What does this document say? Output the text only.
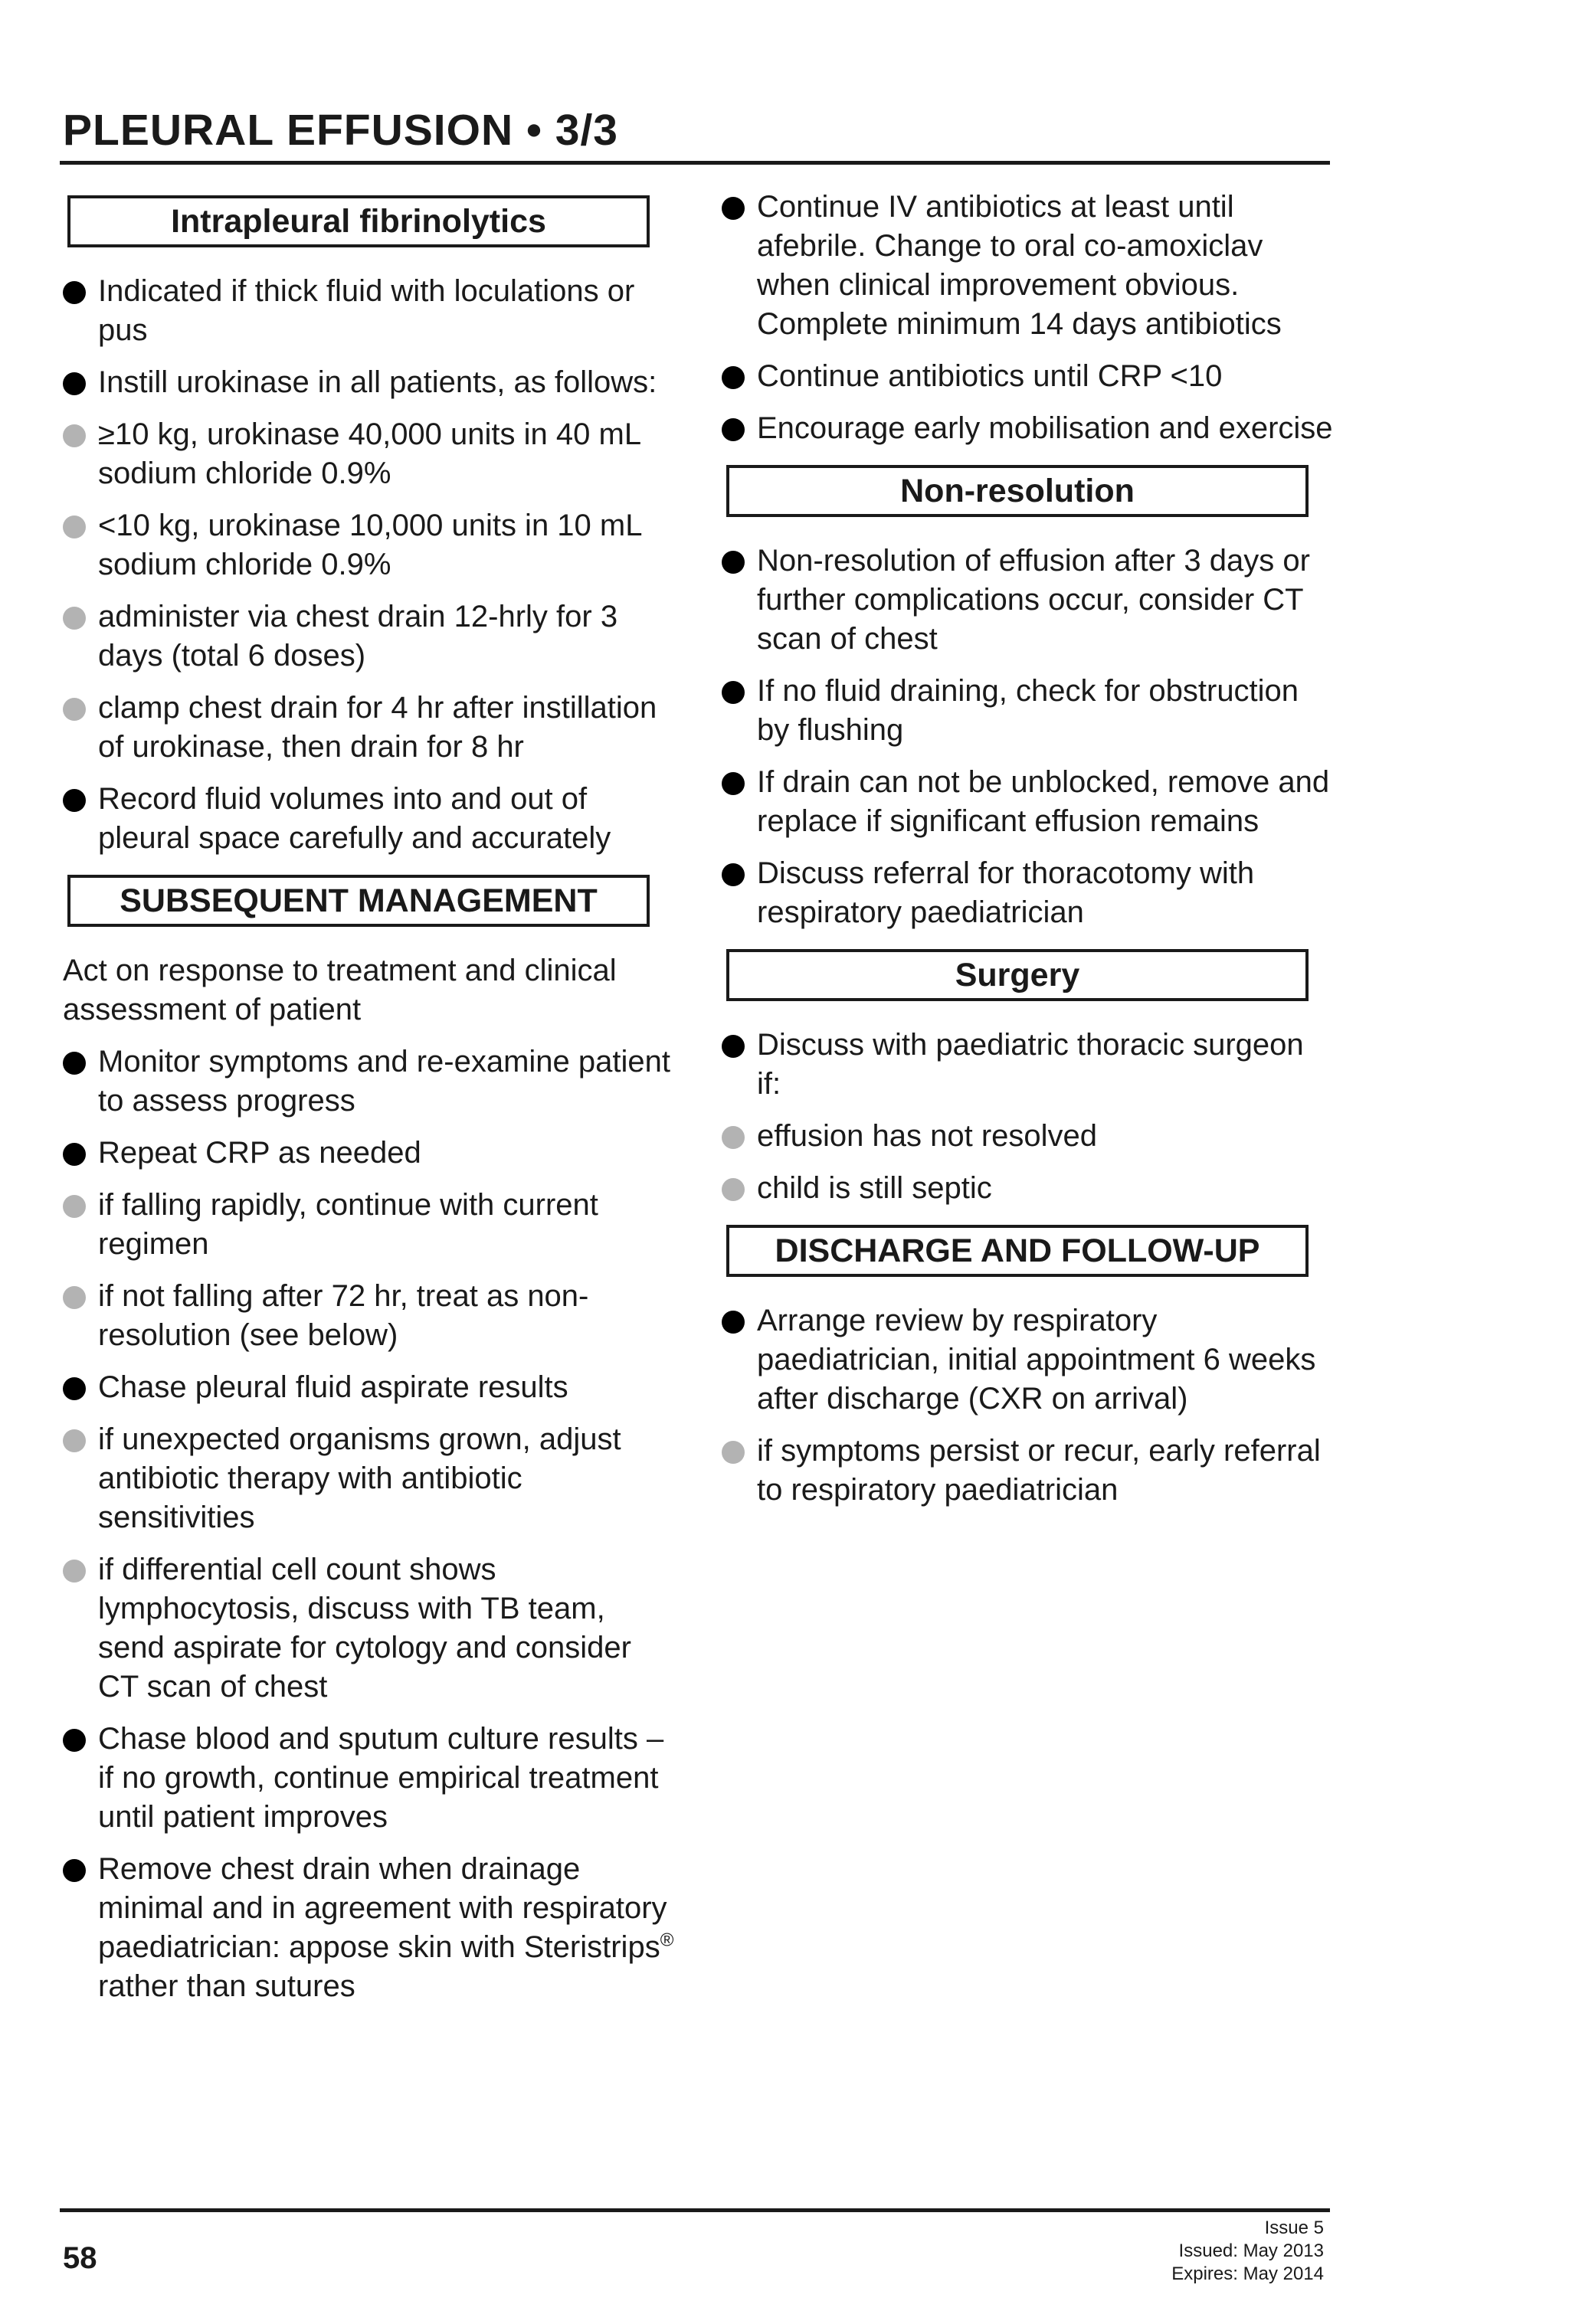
PLEURAL EFFUSION • 3/3
Intrapleural fibrinolytics
Indicated if thick fluid with loculations or pus
Instill urokinase in all patients, as follows:
≥10 kg, urokinase 40,000 units in 40 mL sodium chloride 0.9%
<10 kg, urokinase 10,000 units in 10 mL sodium chloride 0.9%
administer via chest drain 12-hrly for 3 days (total 6 doses)
clamp chest drain for 4 hr after instillation of urokinase, then drain for 8 hr
Record fluid volumes into and out of pleural space carefully and accurately
SUBSEQUENT MANAGEMENT
Act on response to treatment and clinical assessment of patient
Monitor symptoms and re-examine patient to assess progress
Repeat CRP as needed
if falling rapidly, continue with current regimen
if not falling after 72 hr, treat as non-resolution (see below)
Chase pleural fluid aspirate results
if unexpected organisms grown, adjust antibiotic therapy with antibiotic sensitivities
if differential cell count shows lymphocytosis, discuss with TB team, send aspirate for cytology and consider CT scan of chest
Chase blood and sputum culture results – if no growth, continue empirical treatment until patient improves
Remove chest drain when drainage minimal and in agreement with respiratory paediatrician: appose skin with Steristrips® rather than sutures
Continue IV antibiotics at least until afebrile. Change to oral co-amoxiclav when clinical improvement obvious. Complete minimum 14 days antibiotics
Continue antibiotics until CRP <10
Encourage early mobilisation and exercise
Non-resolution
Non-resolution of effusion after 3 days or further complications occur, consider CT scan of chest
If no fluid draining, check for obstruction by flushing
If drain can not be unblocked, remove and replace if significant effusion remains
Discuss referral for thoracotomy with respiratory paediatrician
Surgery
Discuss with paediatric thoracic surgeon if:
effusion has not resolved
child is still septic
DISCHARGE AND FOLLOW-UP
Arrange review by respiratory paediatrician, initial appointment 6 weeks after discharge (CXR on arrival)
if symptoms persist or recur, early referral to respiratory paediatrician
58
Issue 5
Issued: May 2013
Expires: May 2014
